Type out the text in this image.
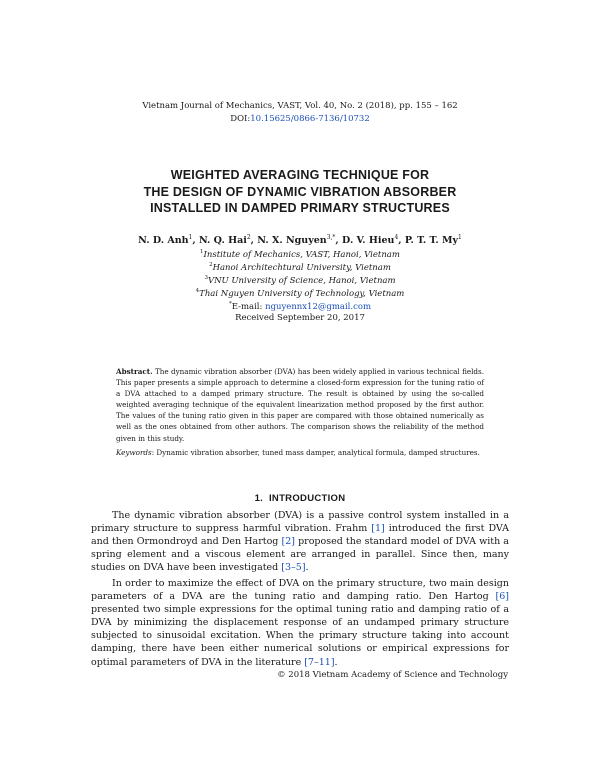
Vietnam Journal of Mechanics, VAST, Vol. 40, No. 2 (2018), pp. 155 – 162
DOI:10.15625/0866-7136/10732
WEIGHTED AVERAGING TECHNIQUE FOR
THE DESIGN OF DYNAMIC VIBRATION ABSORBER
INSTALLED IN DAMPED PRIMARY STRUCTURES
N. D. Anh$^1$, N. Q. Hai$^2$, N. X. Nguyen$^{3,*}$, D. V. Hieu$^4$, P. T. T. My$^1$
$^1$Institute of Mechanics, VAST, Hanoi, Vietnam
$^2$Hanoi Architechtural University, Vietnam
$^3$VNU University of Science, Hanoi, Vietnam
$^4$Thai Nguyen University of Technology, Vietnam
*E-mail: nguyennx12@gmail.com
Received September 20, 2017
Abstract. The dynamic vibration absorber (DVA) has been widely applied in various technical fields. This paper presents a simple approach to determine a closed-form expression for the tuning ratio of a DVA attached to a damped primary structure. The result is obtained by using the so-called weighted averaging technique of the equivalent linearization method proposed by the first author. The values of the tuning ratio given in this paper are compared with those obtained numerically as well as the ones obtained from other authors. The comparison shows the reliability of the method given in this study.
Keywords: Dynamic vibration absorber, tuned mass damper, analytical formula, damped structures.
1. INTRODUCTION
The dynamic vibration absorber (DVA) is a passive control system installed in a primary structure to suppress harmful vibration. Frahm [1] introduced the first DVA and then Ormondroyd and Den Hartog [2] proposed the standard model of DVA with a spring element and a viscous element are arranged in parallel. Since then, many studies on DVA have been investigated [3–5].
In order to maximize the effect of DVA on the primary structure, two main design parameters of a DVA are the tuning ratio and damping ratio. Den Hartog [6] presented two simple expressions for the optimal tuning ratio and damping ratio of a DVA by minimizing the displacement response of an undamped primary structure subjected to sinusoidal excitation. When the primary structure taking into account damping, there have been either numerical solutions or empirical expressions for optimal parameters of DVA in the literature [7–11].
© 2018 Vietnam Academy of Science and Technology
